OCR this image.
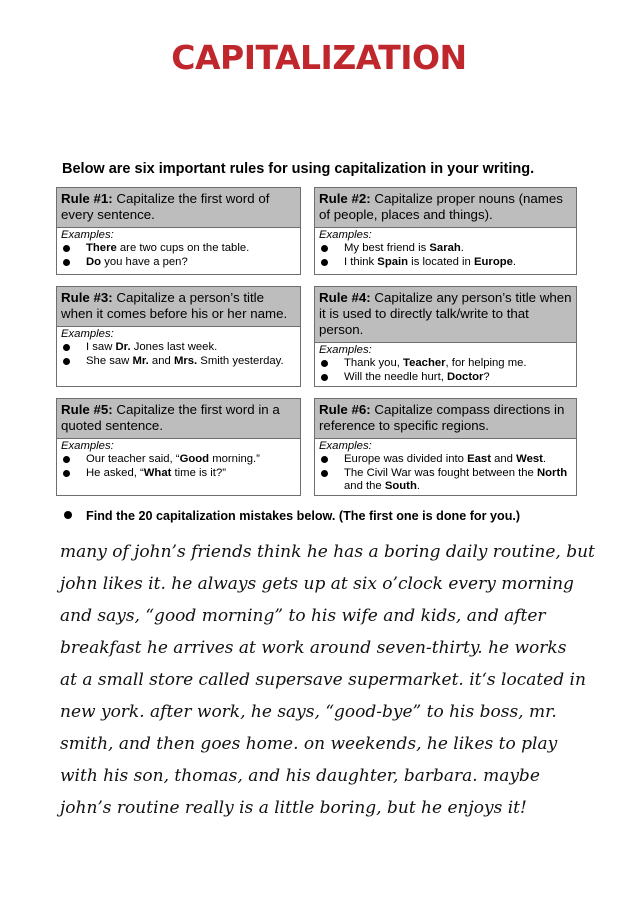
CAPITALIZATION
Below are six important rules for using capitalization in your writing.
Rule #1: Capitalize the first word of every sentence.
Examples:
There are two cups on the table.
Do you have a pen?
Rule #2: Capitalize proper nouns (names of people, places and things).
Examples:
My best friend is Sarah.
I think Spain is located in Europe.
Rule #3: Capitalize a person’s title when it comes before his or her name.
Examples:
I saw Dr. Jones last week.
She saw Mr. and Mrs. Smith yesterday.
Rule #4: Capitalize any person’s title when it is used to directly talk/write to that person.
Examples:
Thank you, Teacher, for helping me.
Will the needle hurt, Doctor?
Rule #5: Capitalize the first word in a quoted sentence.
Examples:
Our teacher said, “Good morning.”
He asked, “What time is it?”
Rule #6: Capitalize compass directions in reference to specific regions.
Examples:
Europe was divided into East and West.
The Civil War was fought between the North and the South.
Find the 20 capitalization mistakes below. (The first one is done for you.)
many of john’s friends think he has a boring daily routine, but
john likes it. he always gets up at six o’clock every morning
and says, “good morning” to his wife and kids, and after
breakfast he arrives at work around seven-thirty. he works
at a small store called supersave supermarket. it‘s located in
new york. after work, he says, “good-bye” to his boss, mr.
smith, and then goes home. on weekends, he likes to play
with his son, thomas, and his daughter, barbara. maybe
john’s routine really is a little boring, but he enjoys it!
